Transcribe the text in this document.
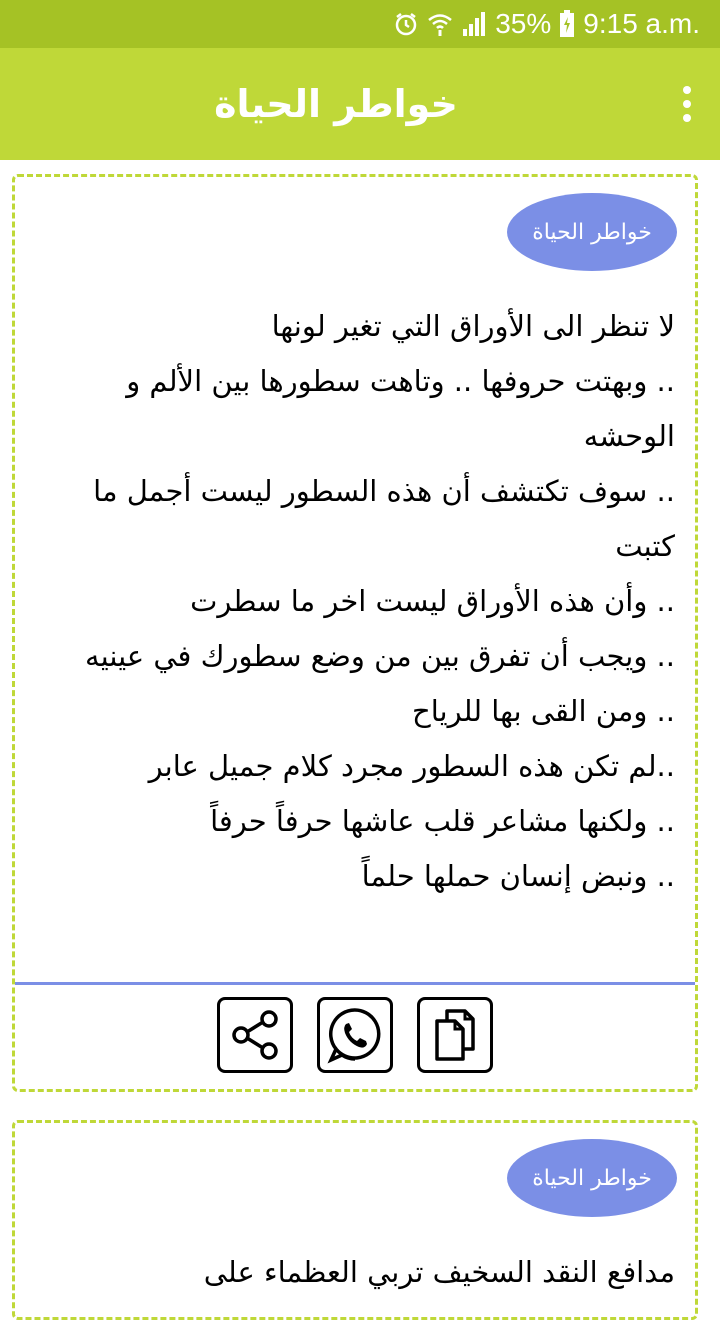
35% 9:15 a.m.
خواطر الحياة
خواطر الحياة

لا تنظر الى الأوراق التي تغير لونها

.. وبهتت حروفها .. وتاهت سطورها بين الألم و الوحشه

.. سوف تكتشف أن هذه السطور ليست أجمل ما كتبت

.. وأن هذه الأوراق ليست اخر ما سطرت

.. ويجب أن تفرق بين من وضع سطورك في عينيه

.. ومن القى بها للرياح

..لم تكن هذه السطور مجرد كلام جميل عابر

.. ولكنها مشاعر قلب عاشها حرفاً حرفاً

.. ونبض إنسان حملها حلماً

خواطر الحياة

مدافع النقد السخيف تربي العظماء على
